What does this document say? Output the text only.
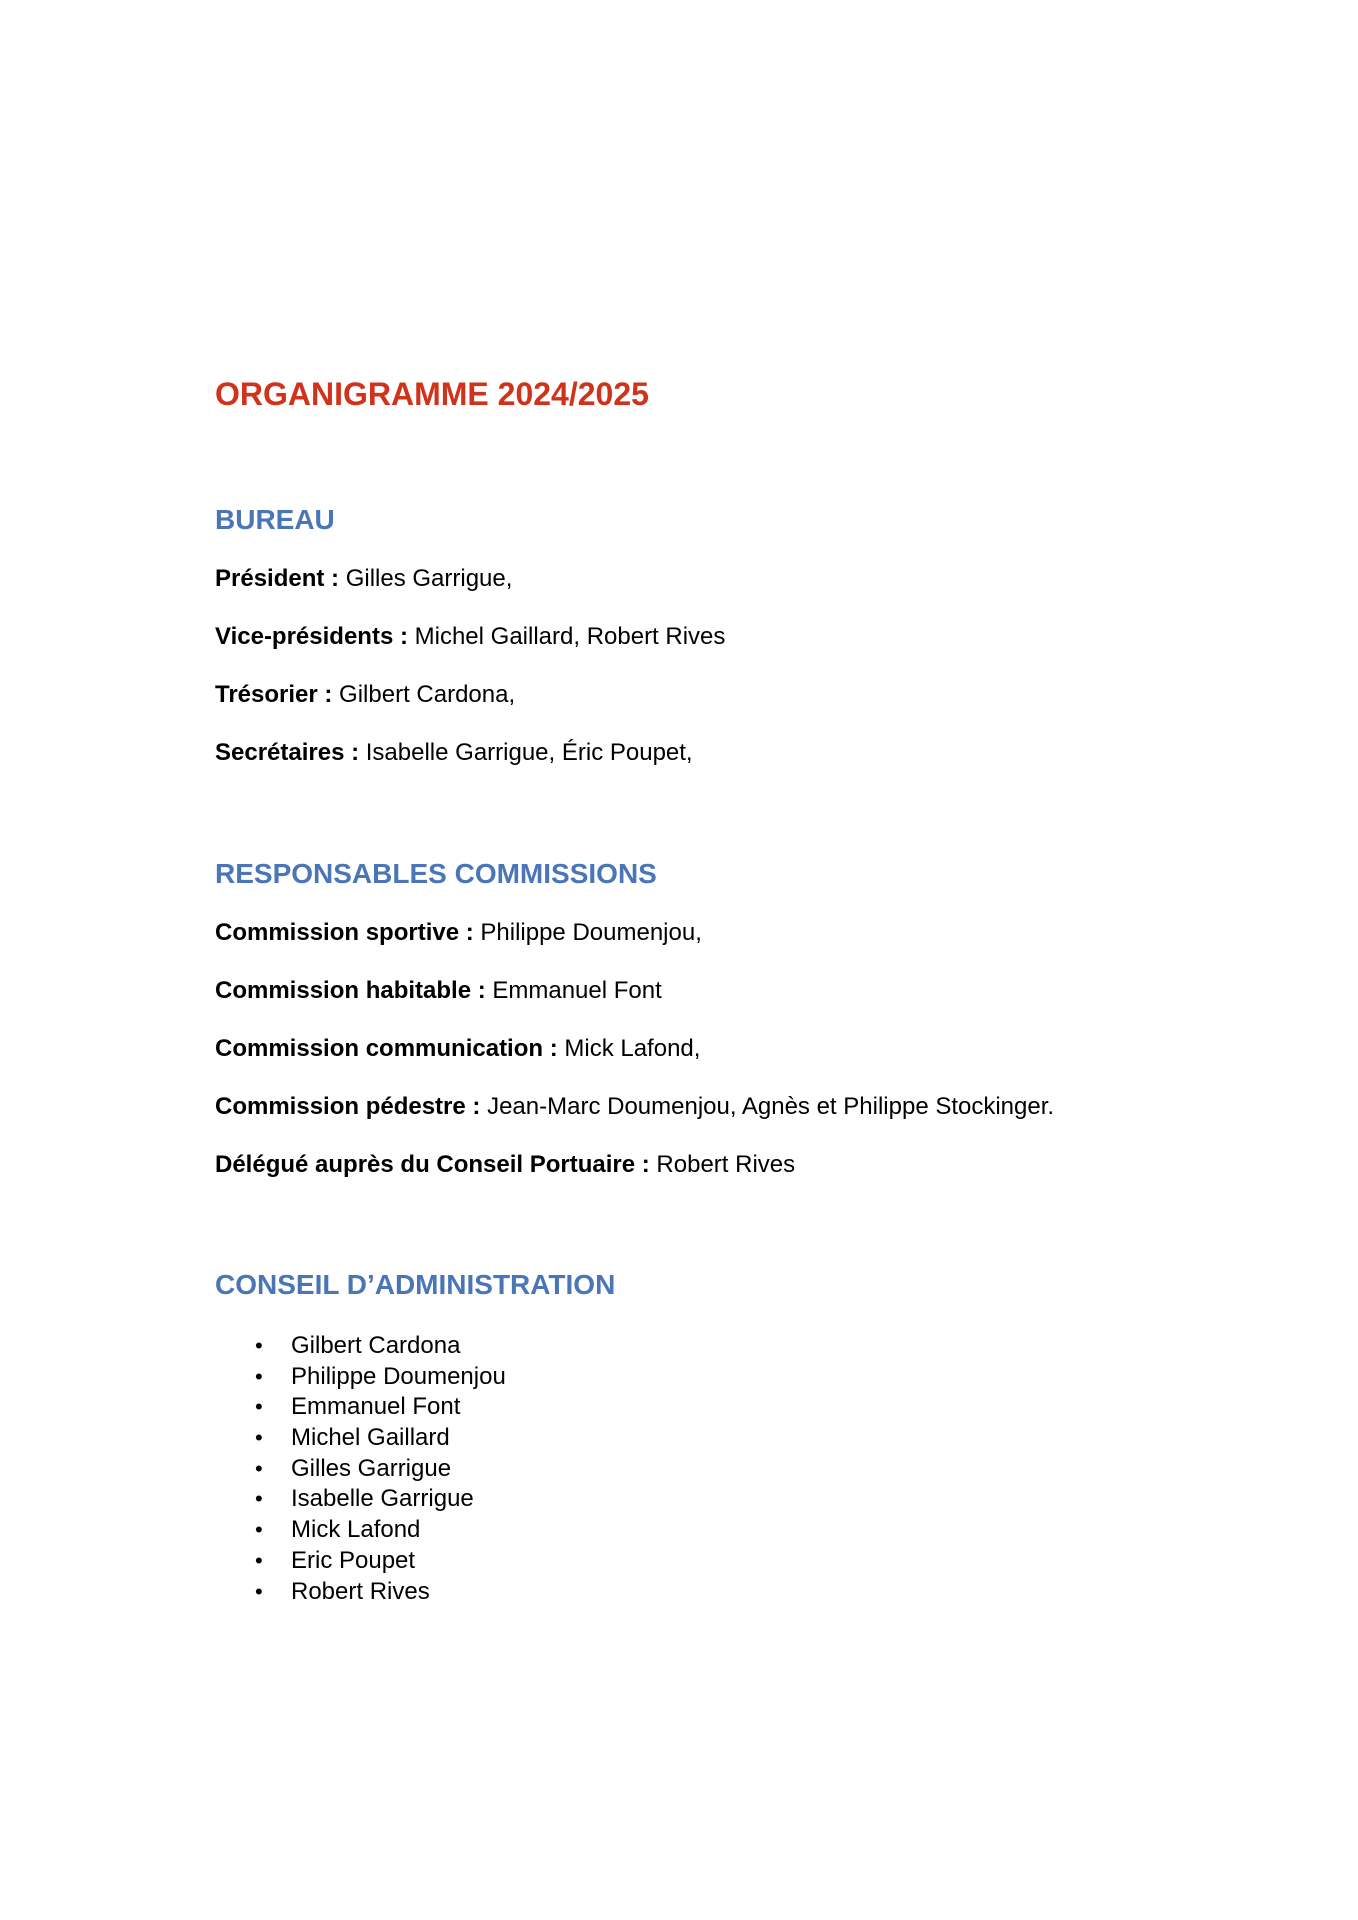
ORGANIGRAMME 2024/2025
BUREAU

Président : Gilles Garrigue,

Vice-présidents : Michel Gaillard, Robert Rives

Trésorier : Gilbert Cardona,

Secrétaires : Isabelle Garrigue, Éric Poupet,

RESPONSABLES COMMISSIONS

Commission sportive : Philippe Doumenjou,

Commission habitable : Emmanuel Font

Commission communication : Mick Lafond,

Commission pédestre : Jean-Marc Doumenjou, Agnès et Philippe Stockinger.

Délégué auprès du Conseil Portuaire : Robert Rives

CONSEIL D’ADMINISTRATION
• Gilbert Cardona
• Philippe Doumenjou
• Emmanuel Font
• Michel Gaillard
• Gilles Garrigue
• Isabelle Garrigue
• Mick Lafond
• Eric Poupet
• Robert Rives
